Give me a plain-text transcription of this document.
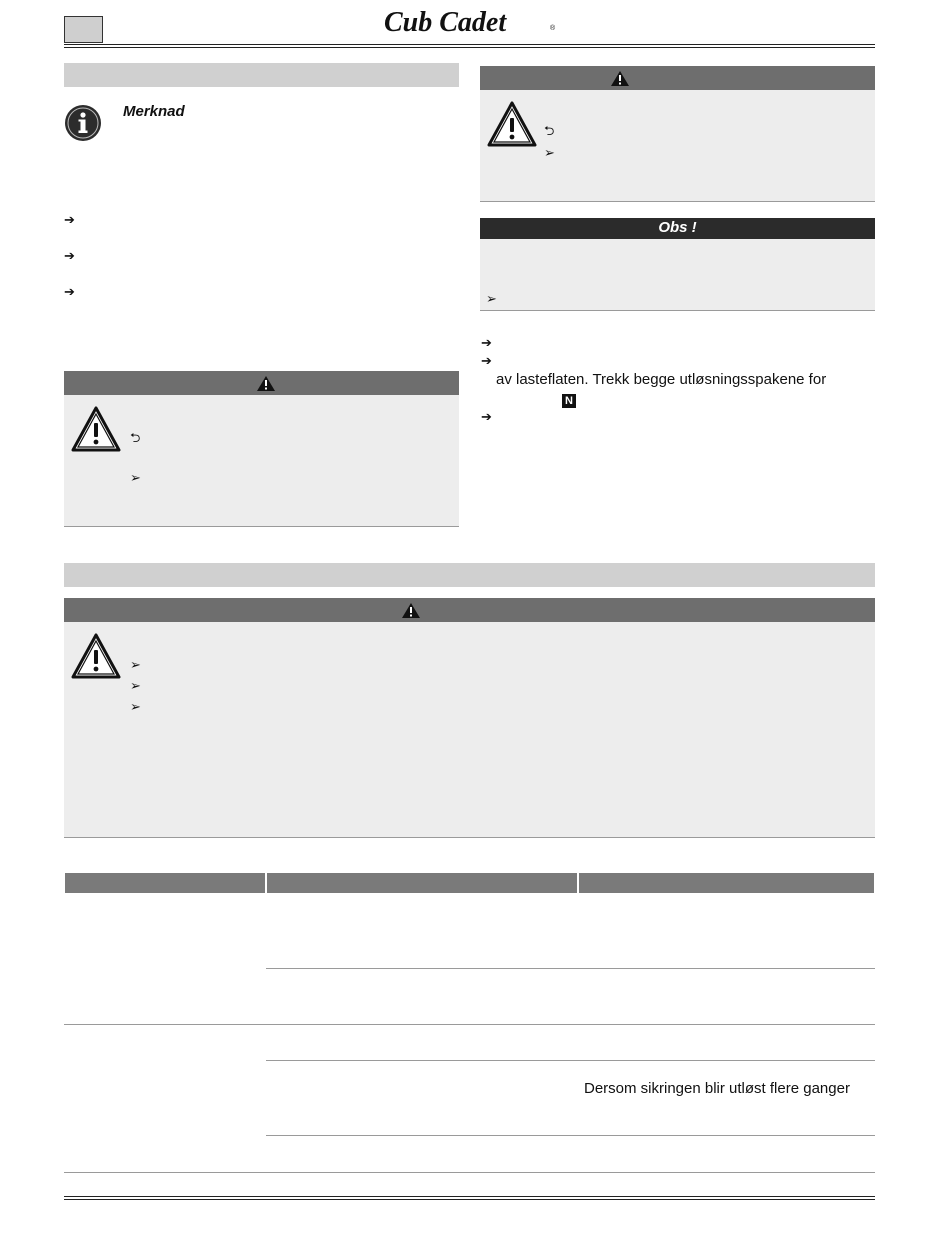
Cub Cadet	®
Merknad
➔
➔
➔
⮌
➢
⮌
➢
Obs !
➢
➔
➔
av lasteflaten. Trekk begge utløsningsspakene for
N
➔
➢
➢
➢
Dersom sikringen blir utløst flere ganger
